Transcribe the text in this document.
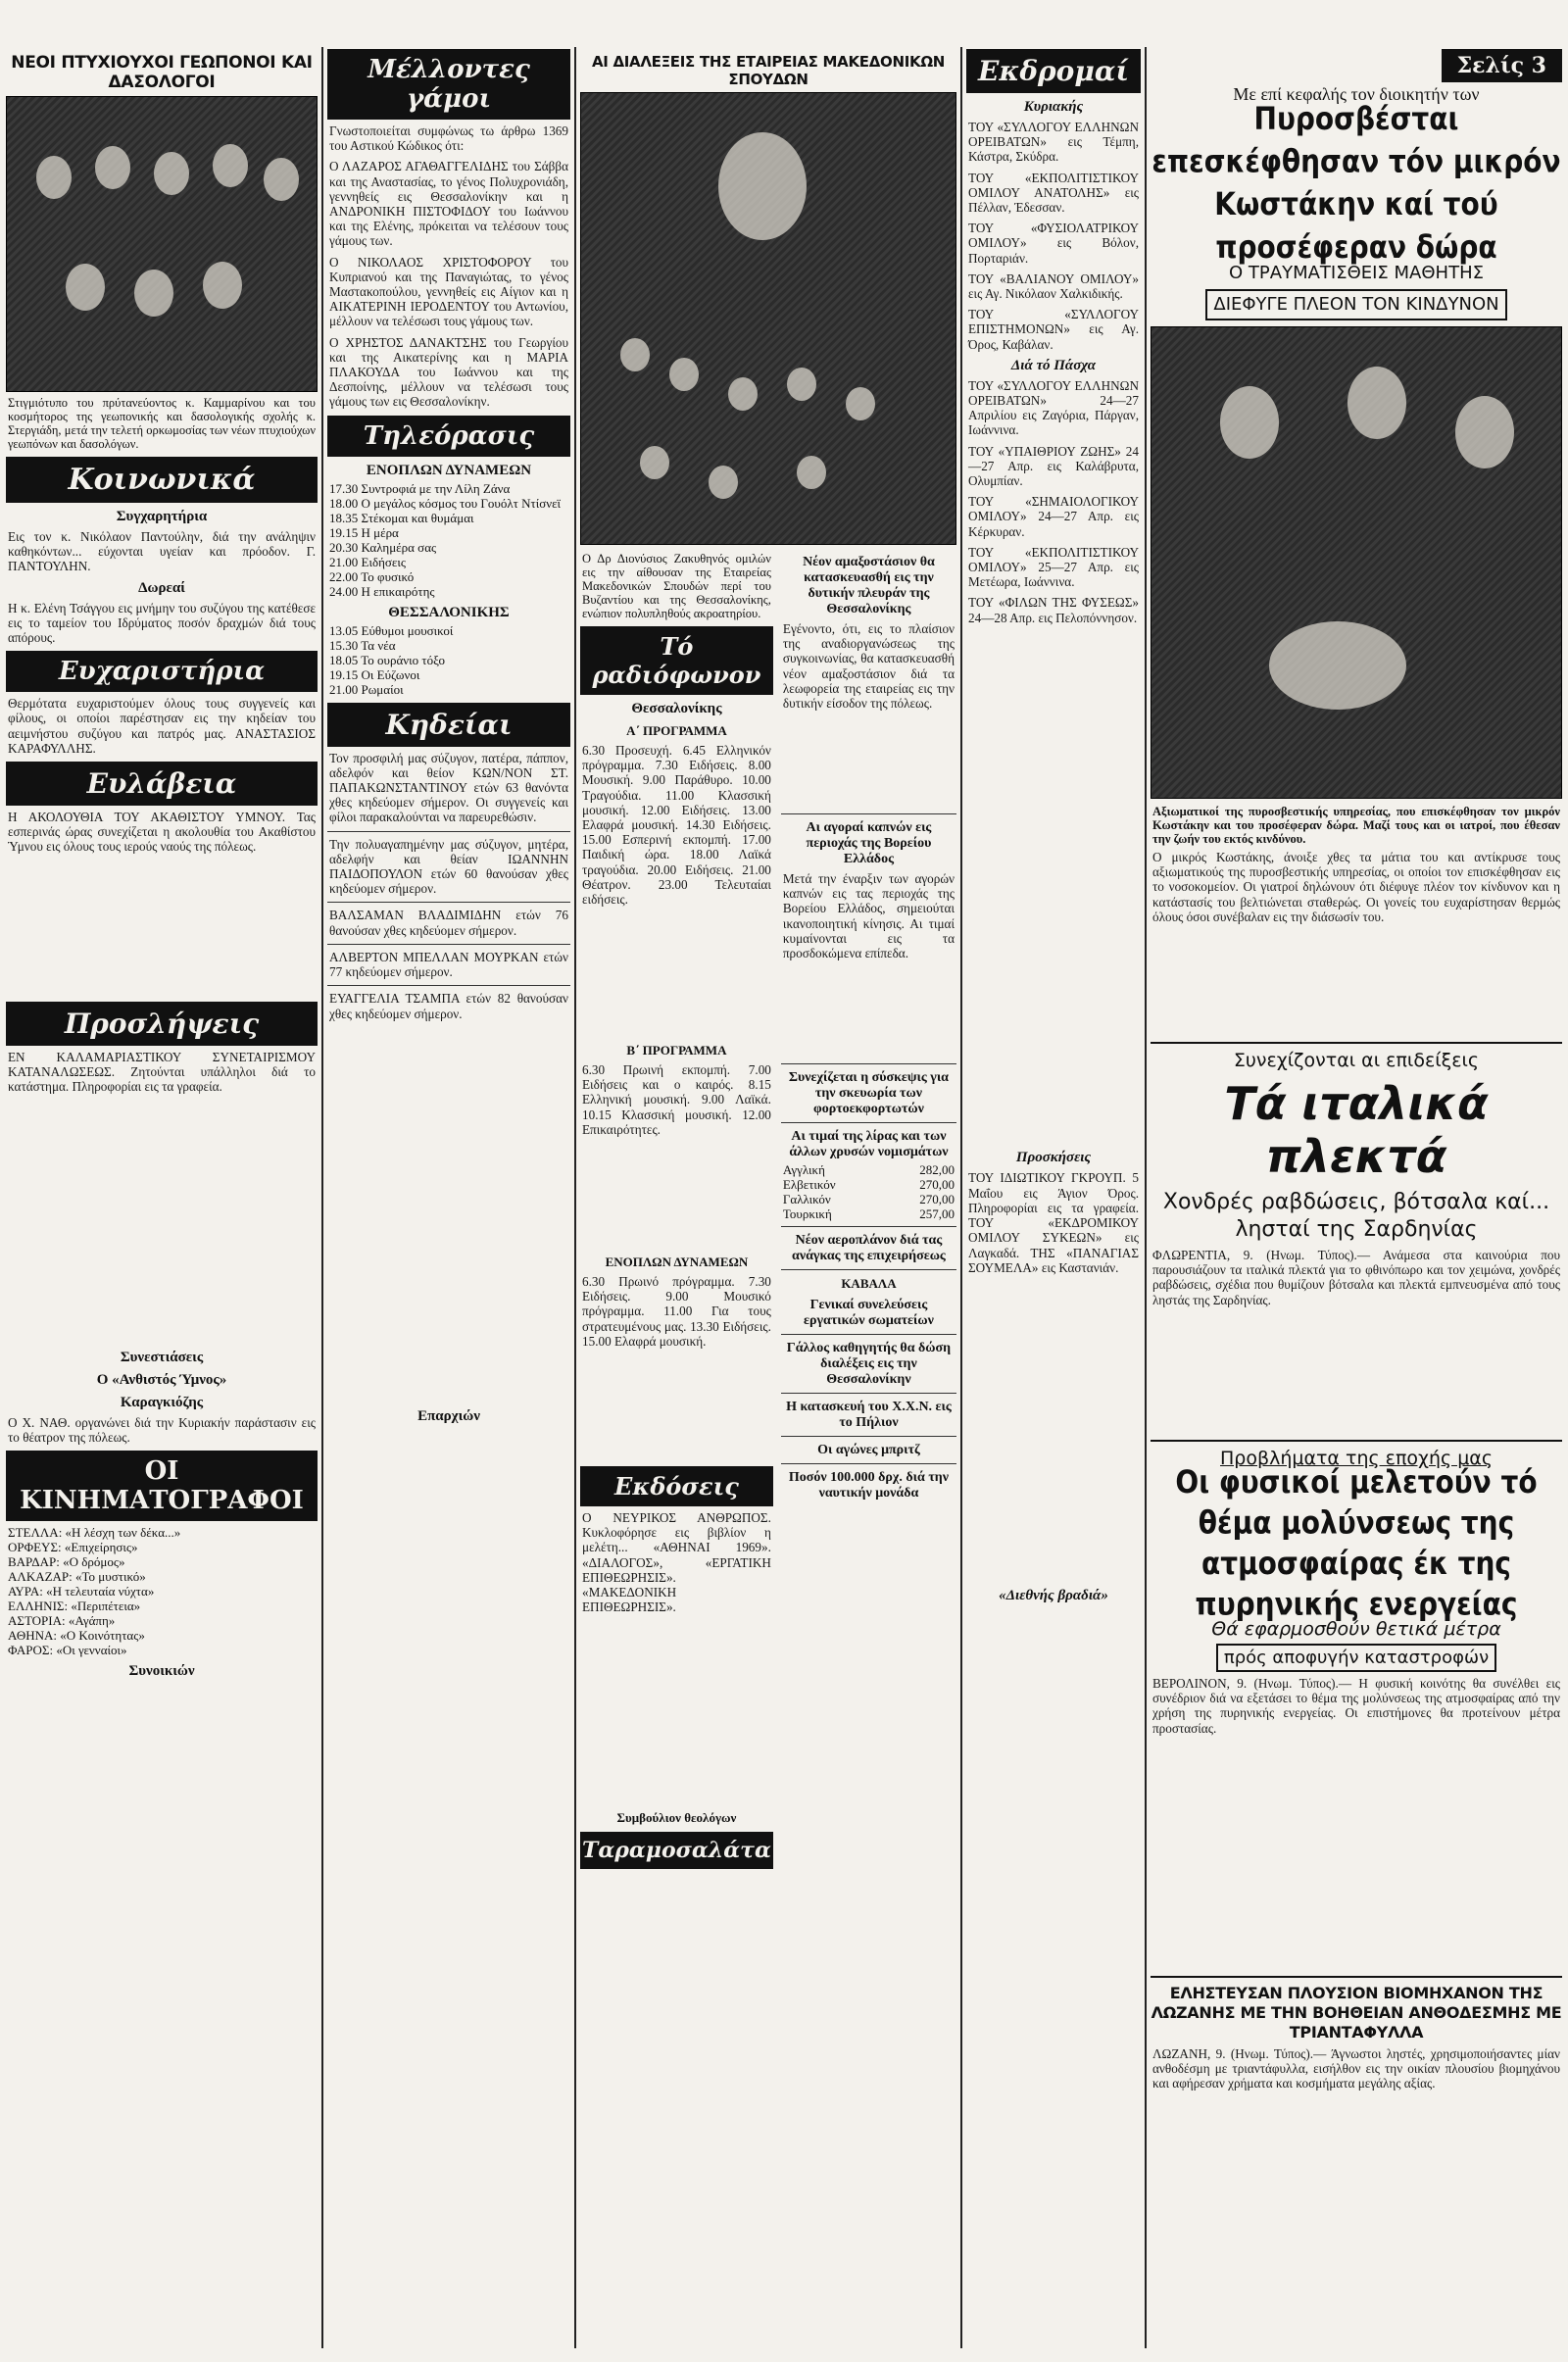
ΝΕΟΙ ΠΤΥΧΙΟΥΧΟΙ ΓΕΩΠΟΝΟΙ ΚΑΙ ΔΑΣΟΛΟΓΟΙ
Στιγμιότυπο του πρύτανεύοντος κ. Καμμαρίνου και του κοσμήτορος της γεωπονικής και δασολογικής σχολής κ. Στεργιάδη, μετά την τελετή ορκωμοσίας των νέων πτυχιούχων γεωπόνων και δασολόγων.
Κοινωνικά
Συγχαρητήρια
Εις τον κ. Νικόλαον Παντούλην, διά την ανάληψιν καθηκόντων... εύχονται υγείαν και πρόοδον. Γ. ΠΑΝΤΟΥΛΗΝ.
Δωρεαί
Η κ. Ελένη Τσάγγου εις μνήμην του συζύγου της κατέθεσε εις το ταμείον του Ιδρύματος ποσόν δραχμών διά τους απόρους.
Ευχαριστήρια
Θερμότατα ευχαριστούμεν όλους τους συγγενείς και φίλους, οι οποίοι παρέστησαν εις την κηδείαν του αειμνήστου συζύγου και πατρός μας. ΑΝΑΣΤΑΣΙΟΣ ΚΑΡΑΦΥΛΛΗΣ.
Ευλάβεια
Η ΑΚΟΛΟΥΘΙΑ ΤΟΥ ΑΚΑΘΙΣΤΟΥ ΥΜΝΟΥ. Τας εσπερινάς ώρας συνεχίζεται η ακολουθία του Ακαθίστου Ύμνου εις όλους τους ιερούς ναούς της πόλεως.
Προσλήψεις
ΕΝ ΚΑΛΑΜΑΡΙΑΣΤΙΚΟΥ ΣΥΝΕΤΑΙΡΙΣΜΟΥ ΚΑΤΑΝΑΛΩΣΕΩΣ. Ζητούνται υπάλληλοι διά το κατάστημα. Πληροφορίαι εις τα γραφεία.
Συνεστιάσεις
Ο «Ανθιστός Ύμνος»
Καραγκιόζης
Ο Χ. ΝΑΘ. οργανώνει διά την Κυριακήν παράστασιν εις το θέατρον της πόλεως.
ΟΙ ΚΙΝΗΜΑΤΟΓΡΑΦΟΙ
ΣΤΕΛΛΑ: «Η λέσχη των δέκα...»
ΟΡΦΕΥΣ: «Επιχείρησις»
ΒΑΡΔΑΡ: «Ο δρόμος»
ΑΛΚΑΖΑΡ: «Το μυστικό»
ΑΥΡΑ: «Η τελευταία νύχτα»
ΕΛΛΗΝΙΣ: «Περιπέτεια»
ΑΣΤΟΡΙΑ: «Αγάπη»
ΑΘΗΝΑ: «Ο Κοινότητας»
ΦΑΡΟΣ: «Οι γενναίοι»
Συνοικιών
Μέλλοντες γάμοι
Γνωστοποιείται συμφώνως τω άρθρω 1369 του Αστικού Κώδικος ότι:
Ο ΛΑΖΑΡΟΣ ΑΓΑΘΑΓΓΕΛΙΔΗΣ του Σάββα και της Αναστασίας, το γένος Πολυχρονιάδη, γεννηθείς εις Θεσσαλονίκην και η ΑΝΔΡΟΝΙΚΗ ΠΙΣΤΟΦΙΔΟΥ του Ιωάννου και της Ελένης, πρόκειται να τελέσουν τους γάμους των.
Ο ΝΙΚΟΛΑΟΣ ΧΡΙΣΤΟΦΟΡΟΥ του Κυπριανού και της Παναγιώτας, το γένος Μαστακοπούλου, γεννηθείς εις Αίγιον και η ΑΙΚΑΤΕΡΙΝΗ ΙΕΡΟΔΕΝΤΟΥ του Αντωνίου, μέλλουν να τελέσωσι τους γάμους των.
Ο ΧΡΗΣΤΟΣ ΔΑΝΑΚΤΣΗΣ του Γεωργίου και της Αικατερίνης και η ΜΑΡΙΑ ΠΛΑΚΟΥΔΑ του Ιωάννου και της Δεσποίνης, μέλλουν να τελέσωσι τους γάμους των εις Θεσσαλονίκην.
Τηλεόρασις
ΕΝΟΠΛΩΝ ΔΥΝΑΜΕΩΝ
17.30 Συντροφιά με την Λίλη Ζάνα
18.00 Ο μεγάλος κόσμος του Γουόλτ Ντίσνεϊ
18.35 Στέκομαι και θυμάμαι
19.15 Η μέρα
20.30 Καλημέρα σας
21.00 Ειδήσεις
22.00 Το φυσικό
24.00 Η επικαιρότης
ΘΕΣΣΑΛΟΝΙΚΗΣ
13.05 Εύθυμοι μουσικοί
15.30 Τα νέα
18.05 Το ουράνιο τόξο
19.15 Οι Εύζωνοι
21.00 Ρωμαίοι
Κηδείαι
Τον προσφιλή μας σύζυγον, πατέρα, πάππον, αδελφόν και θείον ΚΩΝ/ΝΟΝ ΣΤ. ΠΑΠΑΚΩΝΣΤΑΝΤΙΝΟΥ ετών 63 θανόντα χθες κηδεύομεν σήμερον. Οι συγγενείς και φίλοι παρακαλούνται να παρευρεθώσιν.
Την πολυαγαπημένην μας σύζυγον, μητέρα, αδελφήν και θείαν ΙΩΑΝΝΗΝ ΠΑΙΔΟΠΟΥΛΟΝ ετών 60 θανούσαν χθες κηδεύομεν σήμερον.
ΒΑΛΣΑΜΑΝ ΒΛΑΔΙΜΙΔΗΝ ετών 76 θανούσαν χθες κηδεύομεν σήμερον.
ΑΛΒΕΡΤΟΝ ΜΠΕΛΛΑΝ ΜΟΥΡΚΑΝ ετών 77 κηδεύομεν σήμερον.
ΕΥΑΓΓΕΛΙΑ ΤΣΑΜΠΑ ετών 82 θανούσαν χθες κηδεύομεν σήμερον.
Επαρχιών
ΑΙ ΔΙΑΛΕΞΕΙΣ ΤΗΣ ΕΤΑΙΡΕΙΑΣ ΜΑΚΕΔΟΝΙΚΩΝ ΣΠΟΥΔΩΝ
Ο Δρ Διονύσιος Ζακυθηνός ομιλών εις την αίθουσαν της Εταιρείας Μακεδονικών Σπουδών περί του Βυζαντίου και της Θεσσαλονίκης, ενώπιον πολυπληθούς ακροατηρίου.
Τό ραδιόφωνον
Θεσσαλονίκης
Α΄ ΠΡΟΓΡΑΜΜΑ
6.30 Προσευχή. 6.45 Ελληνικόν πρόγραμμα. 7.30 Ειδήσεις. 8.00 Μουσική. 9.00 Παράθυρο. 10.00 Τραγούδια. 11.00 Κλασσική μουσική. 12.00 Ειδήσεις. 13.00 Ελαφρά μουσική. 14.30 Ειδήσεις. 15.00 Εσπερινή εκπομπή. 17.00 Παιδική ώρα. 18.00 Λαϊκά τραγούδια. 20.00 Ειδήσεις. 21.00 Θέατρον. 23.00 Τελευταίαι ειδήσεις.
Β΄ ΠΡΟΓΡΑΜΜΑ
6.30 Πρωινή εκπομπή. 7.00 Ειδήσεις και ο καιρός. 8.15 Ελληνική μουσική. 9.00 Λαϊκά. 10.15 Κλασσική μουσική. 12.00 Επικαιρότητες.
ΕΝΟΠΛΩΝ ΔΥΝΑΜΕΩΝ
6.30 Πρωινό πρόγραμμα. 7.30 Ειδήσεις. 9.00 Μουσικό πρόγραμμα. 11.00 Για τους στρατευμένους μας. 13.30 Ειδήσεις. 15.00 Ελαφρά μουσική.
Εκδόσεις
Ο ΝΕΥΡΙΚΟΣ ΑΝΘΡΩΠΟΣ. Κυκλοφόρησε εις βιβλίον η μελέτη... «ΑΘΗΝΑΙ 1969». «ΔΙΑΛΟΓΟΣ», «ΕΡΓΑΤΙΚΗ ΕΠΙΘΕΩΡΗΣΙΣ». «ΜΑΚΕΔΟΝΙΚΗ ΕΠΙΘΕΩΡΗΣΙΣ».
Συμβούλιον θεολόγων
Ταραμοσαλάτα
Νέον αμαξοστάσιον θα κατασκευασθή εις την δυτικήν πλευράν της Θεσσαλονίκης
Εγένοντο, ότι, εις το πλαίσιον της αναδιοργανώσεως της συγκοινωνίας, θα κατασκευασθή νέον αμαξοστάσιον διά τα λεωφορεία της εταιρείας εις την δυτικήν είσοδον της πόλεως.
Αι αγοραί καπνών εις περιοχάς της Βορείου Ελλάδος
Μετά την έναρξιν των αγορών καπνών εις τας περιοχάς της Βορείου Ελλάδος, σημειούται ικανοποιητική κίνησις. Αι τιμαί κυμαίνονται εις τα προσδοκώμενα επίπεδα.
Συνεχίζεται η σύσκεψις για την σκευωρία των φορτοεκφορτωτών
Αι τιμαί της λίρας και των άλλων χρυσών νομισμάτων
Αγγλική	282,00
Ελβετικόν	270,00
Γαλλικόν	270,00
Τουρκική	257,00
Νέον αεροπλάνον διά τας ανάγκας της επιχειρήσεως
ΚΑΒΑΛΑ
Γενικαί συνελεύσεις εργατικών σωματείων
Γάλλος καθηγητής θα δώση διαλέξεις εις την Θεσσαλονίκην
Η κατασκευή του Χ.Χ.Ν. εις το Πήλιον
Οι αγώνες μπριτζ
Ποσόν 100.000 δρχ. διά την ναυτικήν μονάδα
Εκδρομαί
Κυριακής
ΤΟΥ «ΣΥΛΛΟΓΟΥ ΕΛΛΗΝΩΝ ΟΡΕΙΒΑΤΩΝ» εις Τέμπη, Κάστρα, Σκύδρα.
ΤΟΥ «ΕΚΠΟΛΙΤΙΣΤΙΚΟΥ ΟΜΙΛΟΥ ΑΝΑΤΟΛΗΣ» εις Πέλλαν, Έδεσσαν.
ΤΟΥ «ΦΥΣΙΟΛΑΤΡΙΚΟΥ ΟΜΙΛΟΥ» εις Βόλον, Πορταριάν.
ΤΟΥ «ΒΑΛΙΑΝΟΥ ΟΜΙΛΟΥ» εις Αγ. Νικόλαον Χαλκιδικής.
ΤΟΥ «ΣΥΛΛΟΓΟΥ ΕΠΙΣΤΗΜΟΝΩΝ» εις Αγ. Όρος, Καβάλαν.
Διά τό Πάσχα
ΤΟΥ «ΣΥΛΛΟΓΟΥ ΕΛΛΗΝΩΝ ΟΡΕΙΒΑΤΩΝ» 24—27 Απριλίου εις Ζαγόρια, Πάργαν, Ιωάννινα.
ΤΟΥ «ΥΠΑΙΘΡΙΟΥ ΖΩΗΣ» 24—27 Απρ. εις Καλάβρυτα, Ολυμπίαν.
ΤΟΥ «ΣΗΜΑΙΟΛΟΓΙΚΟΥ ΟΜΙΛΟΥ» 24—27 Απρ. εις Κέρκυραν.
ΤΟΥ «ΕΚΠΟΛΙΤΙΣΤΙΚΟΥ ΟΜΙΛΟΥ» 25—27 Απρ. εις Μετέωρα, Ιωάννινα.
ΤΟΥ «ΦΙΛΩΝ ΤΗΣ ΦΥΣΕΩΣ» 24—28 Απρ. εις Πελοπόννησον.
Προσκήσεις
ΤΟΥ ΙΔΙΩΤΙΚΟΥ ΓΚΡΟΥΠ. 5 Μαΐου εις Άγιον Όρος. Πληροφορίαι εις τα γραφεία. ΤΟΥ «ΕΚΔΡΟΜΙΚΟΥ ΟΜΙΛΟΥ ΣΥΚΕΩΝ» εις Λαγκαδά. ΤΗΣ «ΠΑΝΑΓΙΑΣ ΣΟΥΜΕΛΑ» εις Καστανιάν.
«Διεθνής βραδιά»
Σελίς 3
Με επί κεφαλής τον διοικητήν των
Πυροσβέσται επεσκέφθησαν τόν μικρόν Κωστάκην καί τού προσέφεραν δώρα
Ο ΤΡΑΥΜΑΤΙΣΘΕΙΣ ΜΑΘΗΤΗΣ
ΔΙΕΦΥΓΕ ΠΛΕΟΝ ΤΟΝ ΚΙΝΔΥΝΟΝ
Αξιωματικοί της πυροσβεστικής υπηρεσίας, που επισκέφθησαν τον μικρόν Κωστάκην και του προσέφεραν δώρα. Μαζί τους και οι ιατροί, που έθεσαν την ζωήν του εκτός κινδύνου.
Ο μικρός Κωστάκης, άνοιξε χθες τα μάτια του και αντίκρυσε τους αξιωματικούς της πυροσβεστικής υπηρεσίας, οι οποίοι τον επισκέφθησαν εις το νοσοκομείον. Οι γιατροί δηλώνουν ότι διέφυγε πλέον τον κίνδυνον και η κατάστασίς του βελτιώνεται σταθερώς. Οι γονείς του ευχαρίστησαν θερμώς όλους όσοι συνέβαλαν εις την διάσωσίν του.
Συνεχίζονται αι επιδείξεις
Τά ιταλικά πλεκτά
Χονδρές ραβδώσεις, βότσαλα καί... λησταί της Σαρδηνίας
ΦΛΩΡΕΝΤΙΑ, 9. (Ηνωμ. Τύπος).— Ανάμεσα στα καινούρια που παρουσιάζουν τα ιταλικά πλεκτά για το φθινόπωρο και τον χειμώνα, χονδρές ραβδώσεις, σχέδια που θυμίζουν βότσαλα και πλεκτά εμπνευσμένα από τους ληστάς της Σαρδηνίας.
Προβλήματα της εποχής μας
Οι φυσικοί μελετούν τό θέμα μολύνσεως της ατμοσφαίρας έκ της πυρηνικής ενεργείας
Θά εφαρμοσθούν θετικά μέτρα
πρός αποφυγήν καταστροφών
ΒΕΡΟΛΙΝΟΝ, 9. (Ηνωμ. Τύπος).— Η φυσική κοινότης θα συνέλθει εις συνέδριον διά να εξετάσει το θέμα της μολύνσεως της ατμοσφαίρας από την χρήση της πυρηνικής ενεργείας. Οι επιστήμονες θα προτείνουν μέτρα προστασίας.
ΕΛΗΣΤΕΥΣΑΝ ΠΛΟΥΣΙΟΝ ΒΙΟΜΗΧΑΝΟΝ ΤΗΣ ΛΩΖΑΝΗΣ ΜΕ ΤΗΝ ΒΟΗΘΕΙΑΝ ΑΝΘΟΔΕΣΜΗΣ ΜΕ ΤΡΙΑΝΤΑΦΥΛΛΑ
ΛΩΖΑΝΗ, 9. (Ηνωμ. Τύπος).— Άγνωστοι ληστές, χρησιμοποιήσαντες μίαν ανθοδέσμη με τριαντάφυλλα, εισήλθον εις την οικίαν πλουσίου βιομηχάνου και αφήρεσαν χρήματα και κοσμήματα μεγάλης αξίας.
